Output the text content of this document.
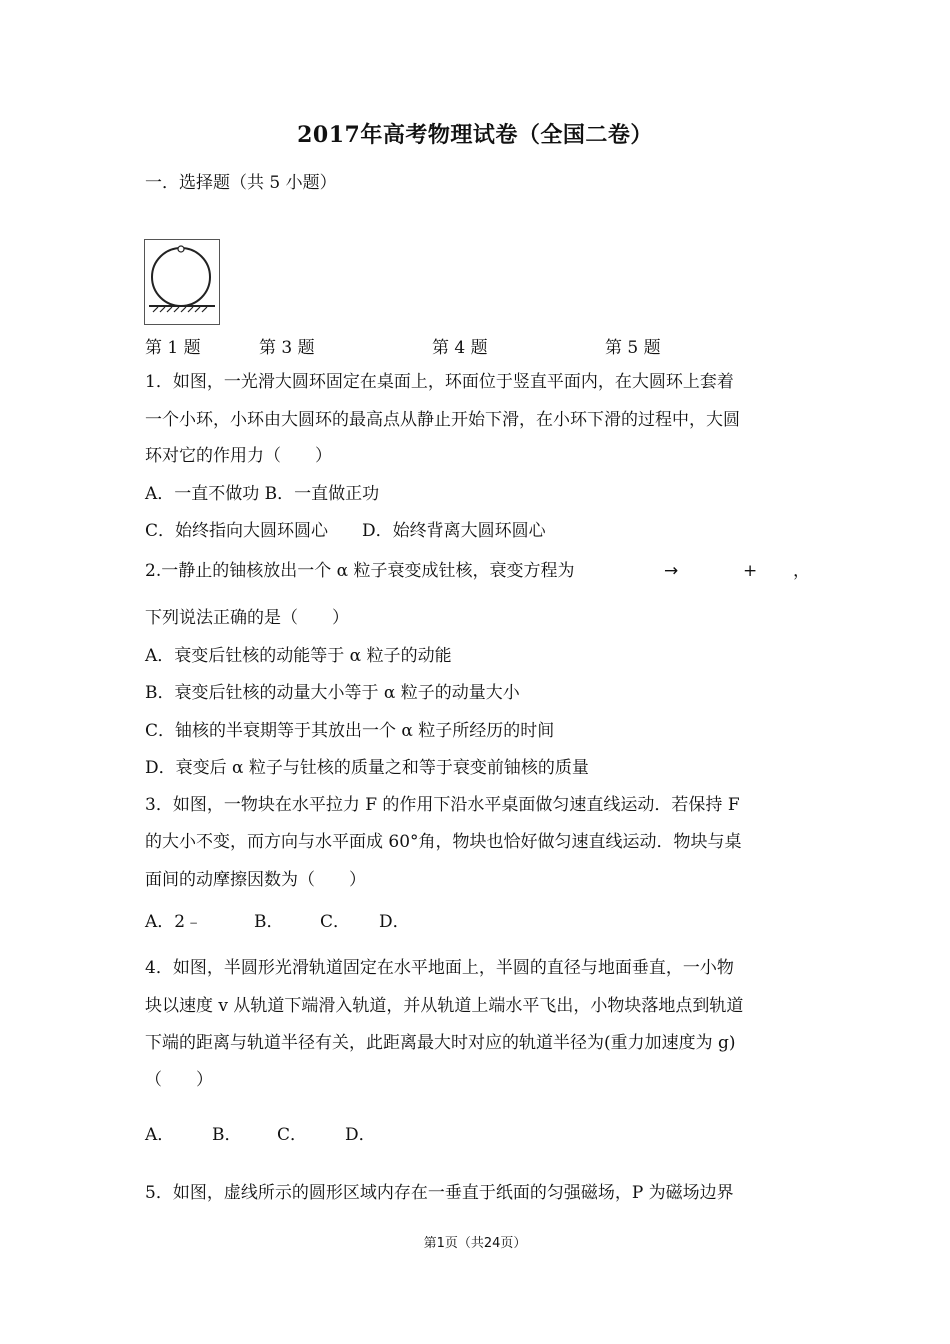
2017年高考物理试卷（全国二卷）
一．选择题（共 5 小题）
第 1 题	第 3 题	第 4 题	第 5 题
1．如图，一光滑大圆环固定在桌面上，环面位于竖直平面内，在大圆环上套着
一个小环，小环由大圆环的最高点从静止开始下滑，在小环下滑的过程中，大圆
环对它的作用力（　　）
A．一直不做功 B．一直做正功
C．始终指向大圆环圆心　　D．始终背离大圆环圆心
2.一静止的铀核放出一个 α 粒子衰变成钍核，衰变方程为	→	+ ，
下列说法正确的是（　　）
A．衰变后钍核的动能等于 α 粒子的动能
B．衰变后钍核的动量大小等于 α 粒子的动量大小
C．铀核的半衰期等于其放出一个 α 粒子所经历的时间
D．衰变后 α 粒子与钍核的质量之和等于衰变前铀核的质量
3．如图，一物块在水平拉力 F 的作用下沿水平桌面做匀速直线运动．若保持 F
的大小不变，而方向与水平面成 60°角，物块也恰好做匀速直线运动．物块与桌
面间的动摩擦因数为（　　）
A．2﹣	B． C． D．
4．如图，半圆形光滑轨道固定在水平地面上，半圆的直径与地面垂直，一小物
块以速度 v 从轨道下端滑入轨道，并从轨道上端水平飞出，小物块落地点到轨道
下端的距离与轨道半径有关，此距离最大时对应的轨道半径为(重力加速度为 g)
（　　）
A． B． C． D．
5．如图，虚线所示的圆形区域内存在一垂直于纸面的匀强磁场，P 为磁场边界
第1页（共24页）
